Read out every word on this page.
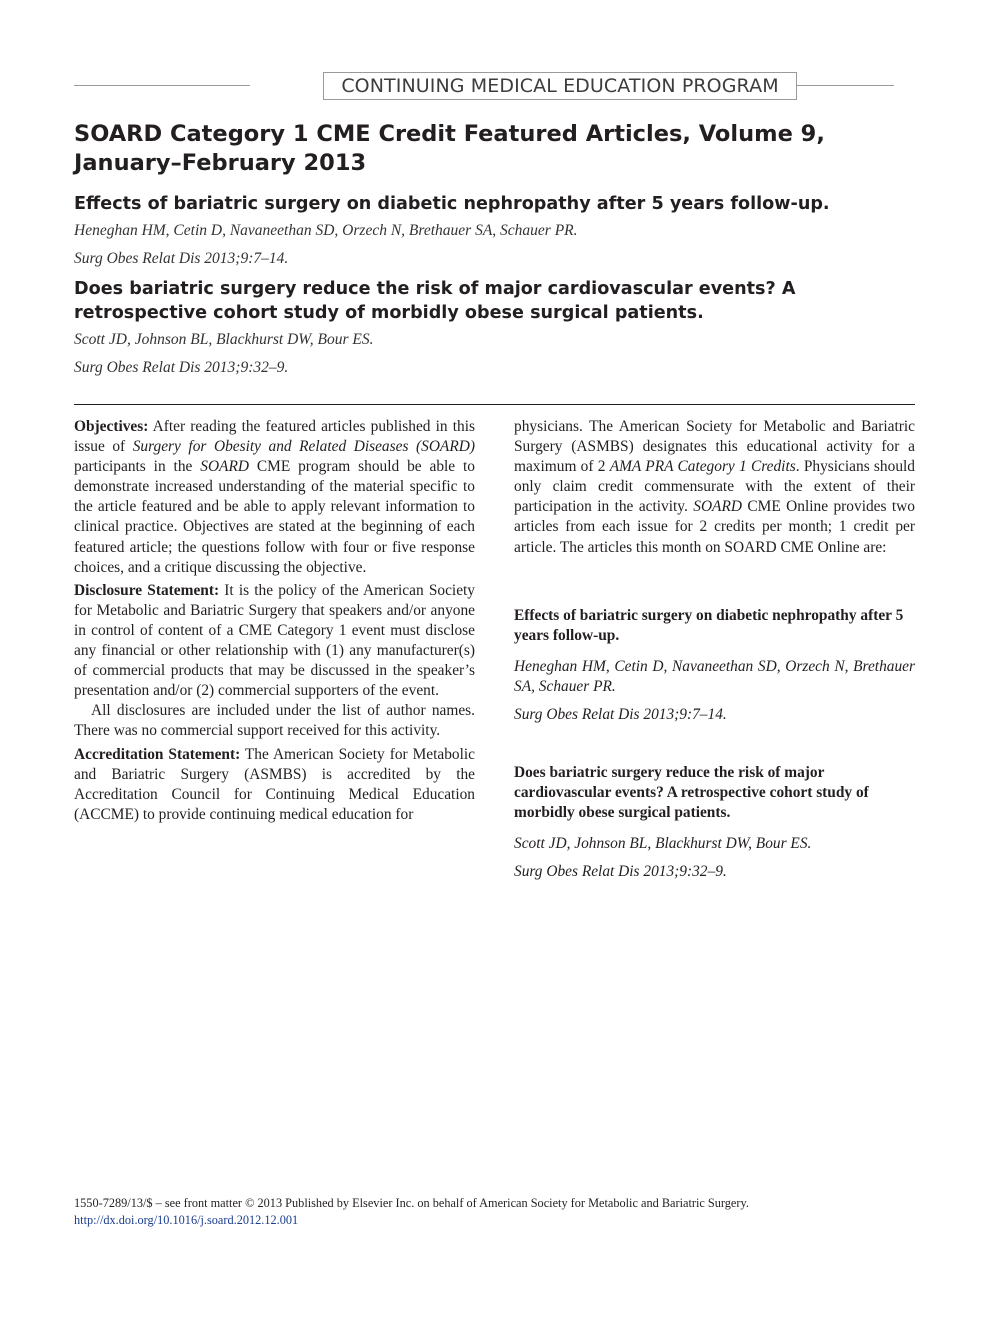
CONTINUING MEDICAL EDUCATION PROGRAM
SOARD Category 1 CME Credit Featured Articles, Volume 9, January–February 2013
Effects of bariatric surgery on diabetic nephropathy after 5 years follow-up.
Heneghan HM, Cetin D, Navaneethan SD, Orzech N, Brethauer SA, Schauer PR.
Surg Obes Relat Dis 2013;9:7–14.
Does bariatric surgery reduce the risk of major cardiovascular events? A retrospective cohort study of morbidly obese surgical patients.
Scott JD, Johnson BL, Blackhurst DW, Bour ES.
Surg Obes Relat Dis 2013;9:32–9.

Objectives: After reading the featured articles published in this issue of Surgery for Obesity and Related Diseases (SOARD) participants in the SOARD CME program should be able to demonstrate increased understanding of the material specific to the article featured and be able to apply relevant information to clinical practice. Objectives are stated at the beginning of each featured article; the questions follow with four or five response choices, and a critique discussing the objective.

Disclosure Statement: It is the policy of the American Society for Metabolic and Bariatric Surgery that speakers and/or anyone in control of content of a CME Category 1 event must disclose any financial or other relationship with (1) any manufacturer(s) of commercial products that may be discussed in the speaker’s presentation and/or (2) commercial supporters of the event.

All disclosures are included under the list of author names. There was no commercial support received for this activity.

Accreditation Statement: The American Society for Metabolic and Bariatric Surgery (ASMBS) is accredited by the Accreditation Council for Continuing Medical Education (ACCME) to provide continuing medical education for

physicians. The American Society for Metabolic and Bariatric Surgery (ASMBS) designates this educational activity for a maximum of 2 AMA PRA Category 1 Credits. Physicians should only claim credit commensurate with the extent of their participation in the activity. SOARD CME Online provides two articles from each issue for 2 credits per month; 1 credit per article. The articles this month on SOARD CME Online are:

Effects of bariatric surgery on diabetic nephropathy after 5 years follow-up.
Heneghan HM, Cetin D, Navaneethan SD, Orzech N, Brethauer SA, Schauer PR.
Surg Obes Relat Dis 2013;9:7–14.
Does bariatric surgery reduce the risk of major cardiovascular events? A retrospective cohort study of morbidly obese surgical patients.
Scott JD, Johnson BL, Blackhurst DW, Bour ES.
Surg Obes Relat Dis 2013;9:32–9.
1550-7289/13/$ – see front matter © 2013 Published by Elsevier Inc. on behalf of American Society for Metabolic and Bariatric Surgery.
http://dx.doi.org/10.1016/j.soard.2012.12.001
